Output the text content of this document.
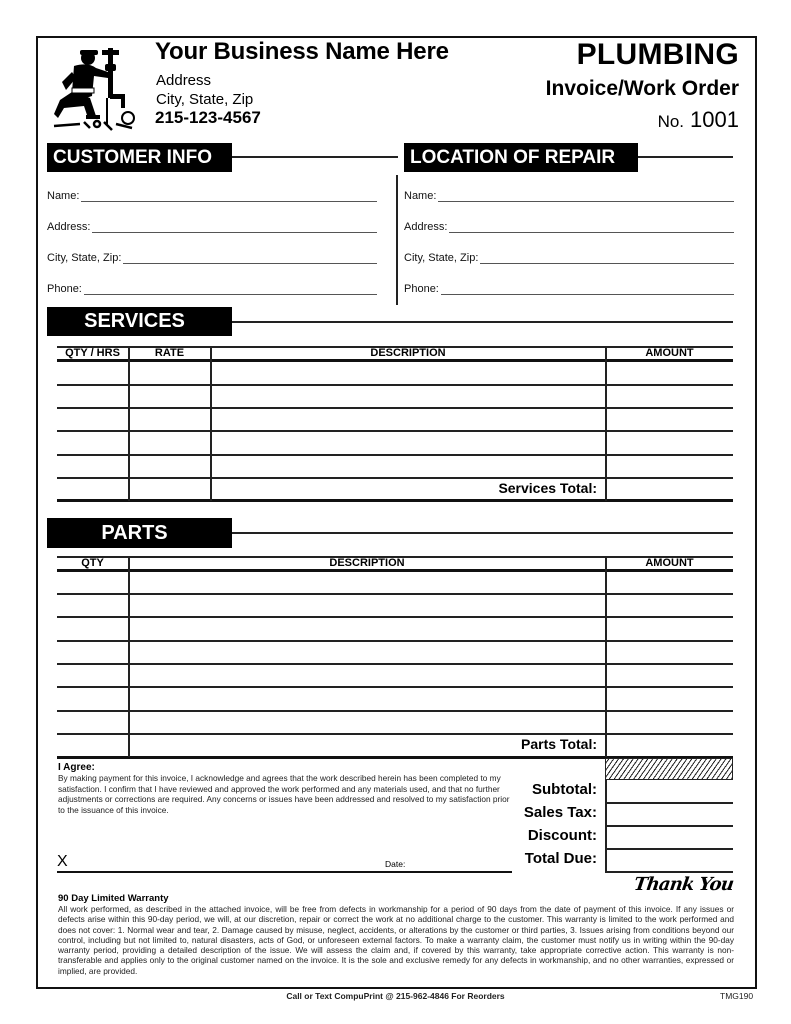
Your Business Name Here
Address
City, State, Zip
215-123-4567
PLUMBING
Invoice/Work Order
No. 1001
CUSTOMER INFO
Name:
Address:
City, State, Zip:
Phone:
LOCATION OF REPAIR
Name:
Address:
City, State, Zip:
Phone:
SERVICES
QTY / HRS	RATE	DESCRIPTION	AMOUNT
Services Total:
PARTS
QTY	DESCRIPTION	AMOUNT
Parts Total:
Subtotal:
Sales Tax:
Discount:
Total Due:
I Agree:
By making payment for this invoice, I acknowledge and agrees that the work described herein has been completed to my satisfaction. I confirm that I have reviewed and approved the work performed and any materials used, and that no further adjustments or corrections are required. Any concerns or issues have been addressed and resolved to my satisfaction prior to the issuance of this invoice.
X	Date:
Thank You
90 Day Limited Warranty
All work performed, as described in the attached invoice, will be free from defects in workmanship for a period of 90 days from the date of payment of this invoice. If any issues or defects arise within this 90-day period, we will, at our discretion, repair or correct the work at no additional charge to the customer. This warranty is limited to the work performed and does not cover: 1. Normal wear and tear, 2. Damage caused by misuse, neglect, accidents, or alterations by the customer or third parties, 3. Issues arising from conditions beyond our control, including but not limited to, natural disasters, acts of God, or unforeseen external factors. To make a warranty claim, the customer must notify us in writing within the 90-day warranty period, providing a detailed description of the issue. We will assess the claim and, if covered by this warranty, take appropriate corrective action. This warranty is non-transferable and applies only to the original customer named on the invoice. It is the sole and exclusive remedy for any defects in workmanship, and no other warranties, expressed or implied, are provided.
Call or Text CompuPrint @ 215-962-4846 For Reorders	TMG190
